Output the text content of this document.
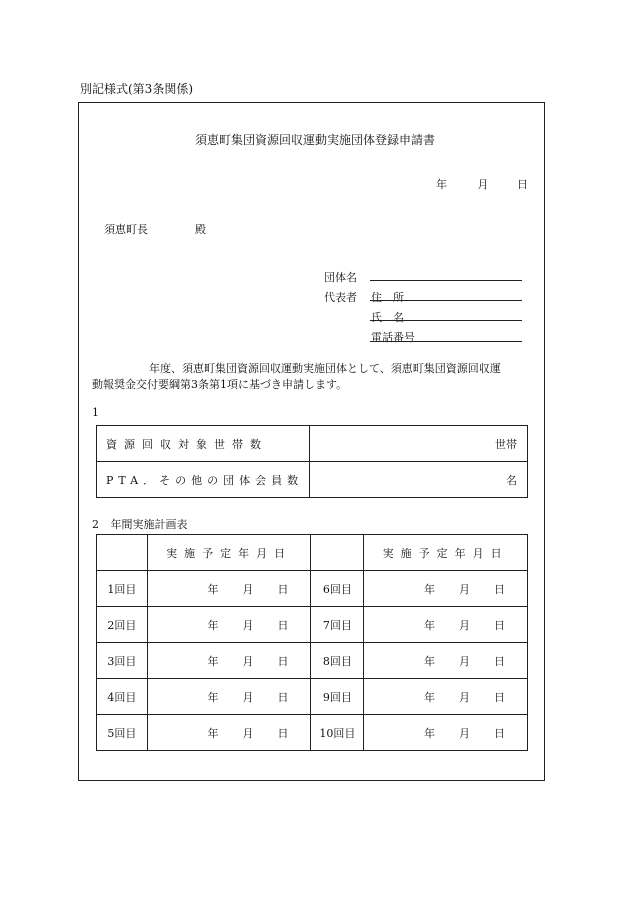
別記様式(第3条関係)
須恵町集団資源回収運動実施団体登録申請書
年	月	日
須恵町長	殿
団体名
代表者 住　所
氏　名
電話番号
年度、須恵町集団資源回収運動実施団体として、須恵町集団資源回収運
動報奨金交付要綱第3条第1項に基づき申請します。
1
資源回収対象世帯数	世帯
PTA．その他の団体会員数	名
2 年間実施計画表
	実施予定年月日		実施予定年月日
1回目	年 月 日	6回目	年 月 日

2回目	年 月 日	7回目	年 月 日

3回目	年 月 日	8回目	年 月 日

4回目	年 月 日	9回目	年 月 日

5回目	年 月 日	10回目	年 月 日
